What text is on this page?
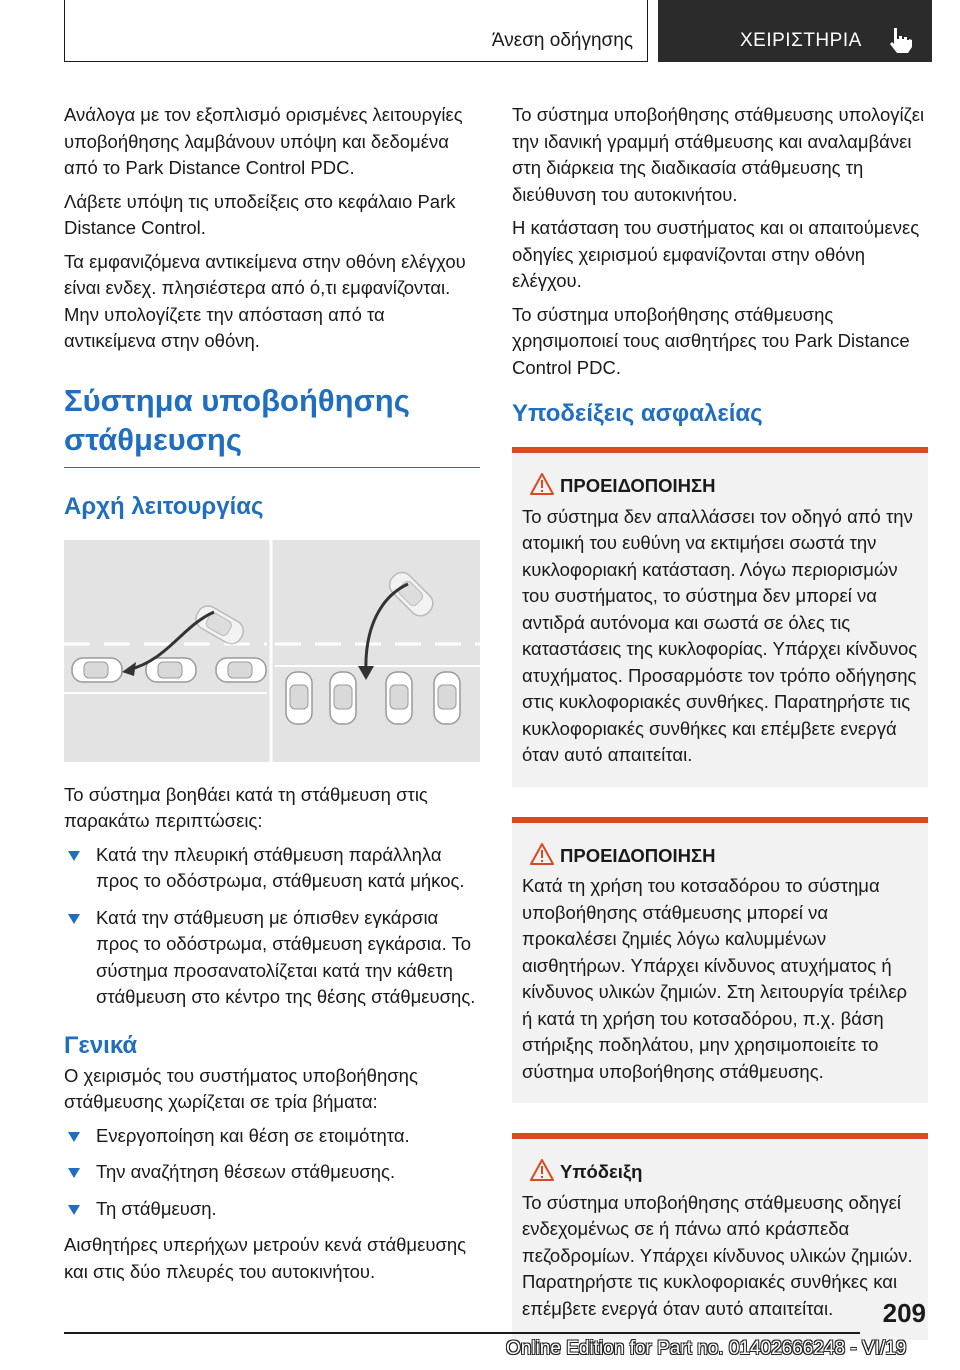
Άνεση οδήγησης	ΧΕΙΡΙΣΤΗΡΙΑ

Ανάλογα με τον εξοπλισμό ορισμένες λειτουργίες υποβοήθησης λαμβάνουν υπόψη και δεδομένα από το Park Distance Control PDC.

Λάβετε υπόψη τις υποδείξεις στο κεφάλαιο Park Distance Control.

Τα εμφανιζόμενα αντικείμενα στην οθόνη ελέγχου είναι ενδεχ. πλησιέστερα από ό,τι εμφανίζονται. Μην υπολογίζετε την απόσταση από τα αντικείμενα στην οθόνη.

Σύστημα υποβοήθησης στάθμευσης
Αρχή λειτουργίας

Το σύστημα βοηθάει κατά τη στάθμευση στις παρακάτω περιπτώσεις:

Κατά την πλευρική στάθμευση παράλληλα προς το οδόστρωμα, στάθμευση κατά μήκος.
Κατά την στάθμευση με όπισθεν εγκάρσια προς το οδόστρωμα, στάθμευση εγκάρσια. Το σύστημα προσανατολίζεται κατά την κάθετη στάθμευση στο κέντρο της θέσης στάθμευσης.
Γενικά

Ο χειρισμός του συστήματος υποβοήθησης στάθμευσης χωρίζεται σε τρία βήματα:

Ενεργοποίηση και θέση σε ετοιμότητα.
Την αναζήτηση θέσεων στάθμευσης.
Τη στάθμευση.

Αισθητήρες υπερήχων μετρούν κενά στάθμευσης και στις δύο πλευρές του αυτοκινήτου.

Το σύστημα υποβοήθησης στάθμευσης υπολογίζει την ιδανική γραμμή στάθμευσης και αναλαμβάνει στη διάρκεια της διαδικασία στάθμευσης τη διεύθυνση του αυτοκινήτου.

Η κατάσταση του συστήματος και οι απαιτούμενες οδηγίες χειρισμού εμφανίζονται στην οθόνη ελέγχου.

Το σύστημα υποβοήθησης στάθμευσης χρησιμοποιεί τους αισθητήρες του Park Distance Control PDC.

Υποδείξεις ασφαλείας
ΠΡΟΕΙΔΟΠΟΙΗΣΗ

Το σύστημα δεν απαλλάσσει τον οδηγό από την ατομική του ευθύνη να εκτιμήσει σωστά την κυκλοφοριακή κατάσταση. Λόγω περιορισμών του συστήματος, το σύστημα δεν μπορεί να αντιδρά αυτόνομα και σωστά σε όλες τις καταστάσεις της κυκλοφορίας. Υπάρχει κίνδυνος ατυχήματος. Προσαρμόστε τον τρόπο οδήγησης στις κυκλοφοριακές συνθήκες. Παρατηρήστε τις κυκλοφοριακές συνθήκες και επέμβετε ενεργά όταν αυτό απαιτείται.

ΠΡΟΕΙΔΟΠΟΙΗΣΗ

Κατά τη χρήση του κοτσαδόρου το σύστημα υποβοήθησης στάθμευσης μπορεί να προκαλέσει ζημιές λόγω καλυμμένων αισθητήρων. Υπάρχει κίνδυνος ατυχήματος ή κίνδυνος υλικών ζημιών. Στη λειτουργία τρέιλερ ή κατά τη χρήση του κοτσαδόρου, π.χ. βάση στήριξης ποδηλάτου, μην χρησιμοποιείτε το σύστημα υποβοήθησης στάθμευσης.

Υπόδειξη

Το σύστημα υποβοήθησης στάθμευσης οδηγεί ενδεχομένως σε ή πάνω από κράσπεδα πεζοδρομίων. Υπάρχει κίνδυνος υλικών ζημιών. Παρατηρήστε τις κυκλοφοριακές συνθήκες και επέμβετε ενεργά όταν αυτό απαιτείται.	209
Online Edition for Part no. 01402666248 - VI/19
